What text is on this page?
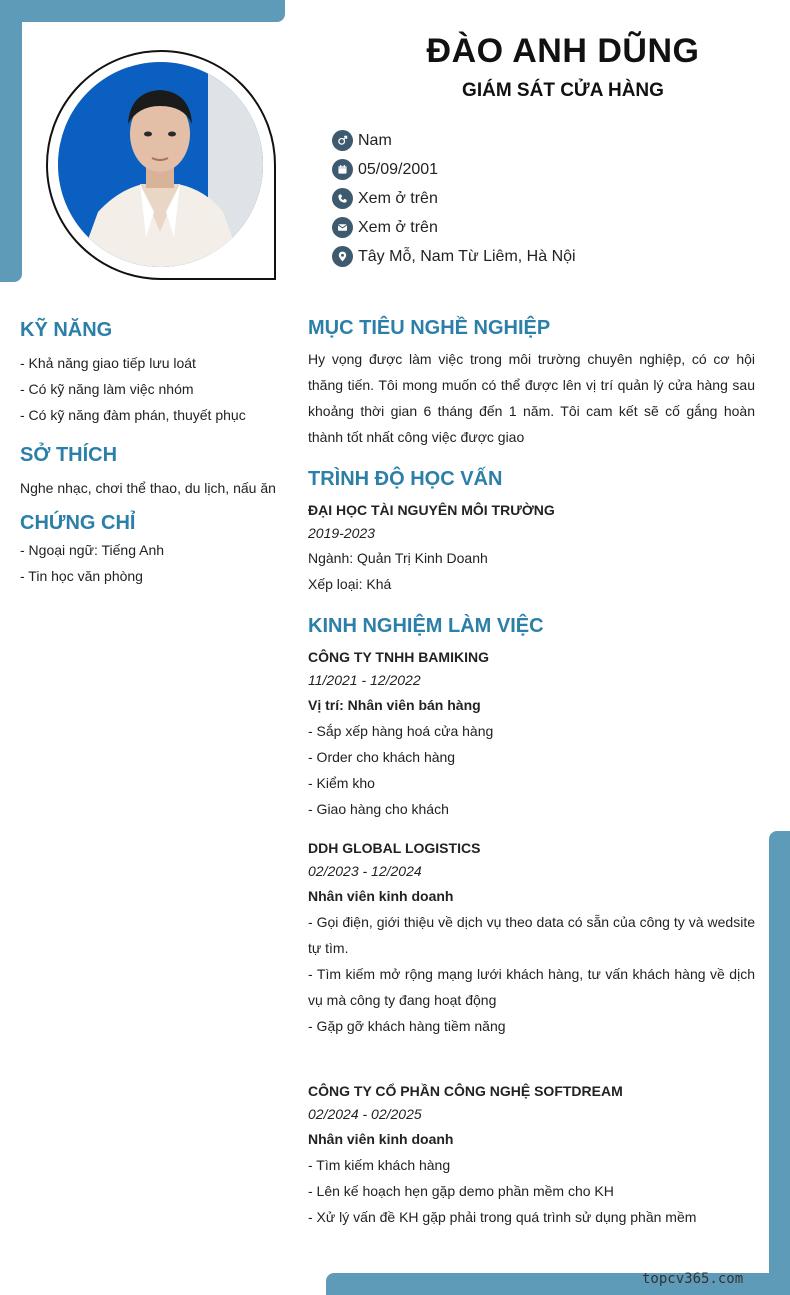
ĐÀO ANH DŨNG
GIÁM SÁT CỬA HÀNG
Nam
05/09/2001
Xem ở trên
Xem ở trên
Tây Mỗ, Nam Từ Liêm, Hà Nội
KỸ NĂNG
- Khả năng giao tiếp lưu loát
- Có kỹ năng làm việc nhóm
- Có kỹ năng đàm phán, thuyết phục
SỞ THÍCH
Nghe nhạc, chơi thể thao, du lịch, nấu ăn
CHỨNG CHỈ
- Ngoại ngữ: Tiếng Anh
- Tin học văn phòng
MỤC TIÊU NGHỀ NGHIỆP
Hy vọng được làm việc trong môi trường chuyên nghiệp, có cơ hội thăng tiến. Tôi mong muốn có thể được lên vị trí quản lý cửa hàng sau khoảng thời gian 6 tháng đến 1 năm. Tôi cam kết sẽ cố gắng hoàn thành tốt nhất công việc được giao
TRÌNH ĐỘ HỌC VẤN
ĐẠI HỌC TÀI NGUYÊN MÔI TRƯỜNG
2019-2023
Ngành: Quản Trị Kinh Doanh
Xếp loại: Khá
KINH NGHIỆM LÀM VIỆC
CÔNG TY TNHH BAMIKING
11/2021 - 12/2022
Vị trí: Nhân viên bán hàng
- Sắp xếp hàng hoá cửa hàng
- Order cho khách hàng
- Kiểm kho
- Giao hàng cho khách
DDH GLOBAL LOGISTICS
02/2023 - 12/2024
Nhân viên kinh doanh
- Gọi điện, giới thiệu về dịch vụ theo data có sẵn của công ty và wedsite tự tìm.
- Tìm kiếm mở rộng mạng lưới khách hàng, tư vấn khách hàng về dịch vụ mà công ty đang hoạt động
- Gặp gỡ khách hàng tiềm năng
CÔNG TY CỔ PHẦN CÔNG NGHỆ SOFTDREAM
02/2024 - 02/2025
Nhân viên kinh doanh
- Tìm kiếm khách hàng
- Lên kế hoạch hẹn gặp demo phần mềm cho KH
- Xử lý vấn đề KH gặp phải trong quá trình sử dụng phần mềm
topcv365.com
